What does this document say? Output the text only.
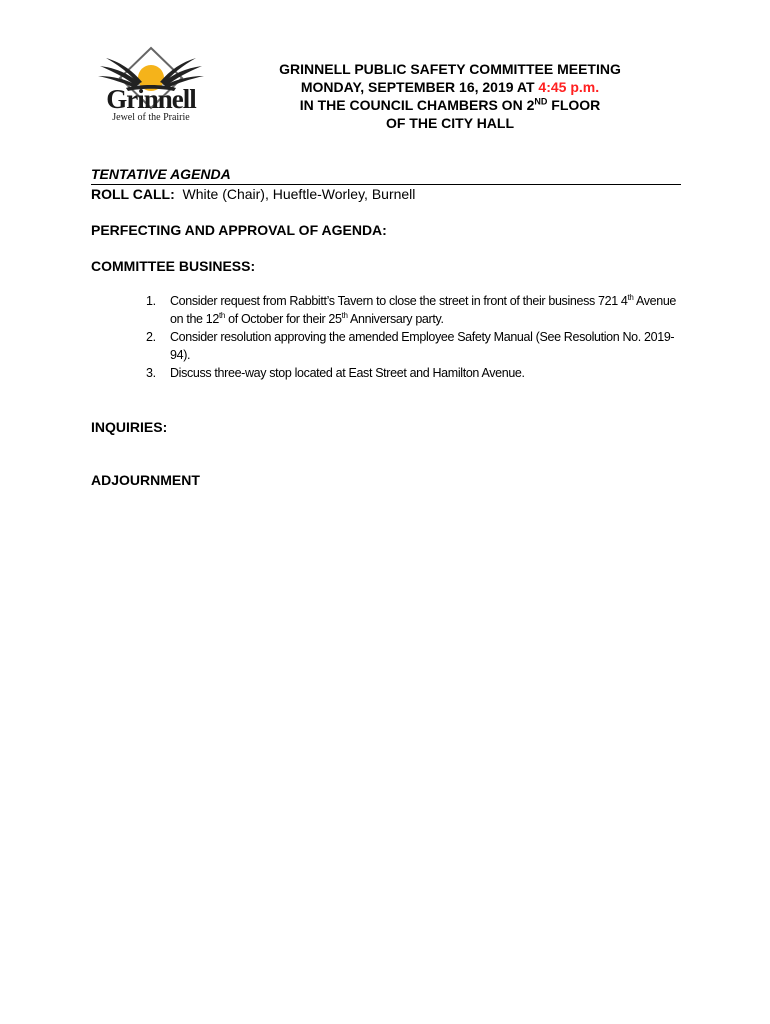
Grinnell
Jewel of the Prairie
GRINNELL PUBLIC SAFETY COMMITTEE MEETING
MONDAY, SEPTEMBER 16, 2019 AT 4:45 p.m.
IN THE COUNCIL CHAMBERS ON 2ND FLOOR
OF THE CITY HALL
TENTATIVE AGENDA
ROLL CALL: White (Chair), Hueftle-Worley, Burnell
PERFECTING AND APPROVAL OF AGENDA:
COMMITTEE BUSINESS:
1. Consider request from Rabbitt’s Tavern to close the street in front of their business 721 4th Avenue on the 12th of October for their 25th Anniversary party.
2. Consider resolution approving the amended Employee Safety Manual (See Resolution No. 2019-94).
3. Discuss three-way stop located at East Street and Hamilton Avenue.
INQUIRIES:
ADJOURNMENT
